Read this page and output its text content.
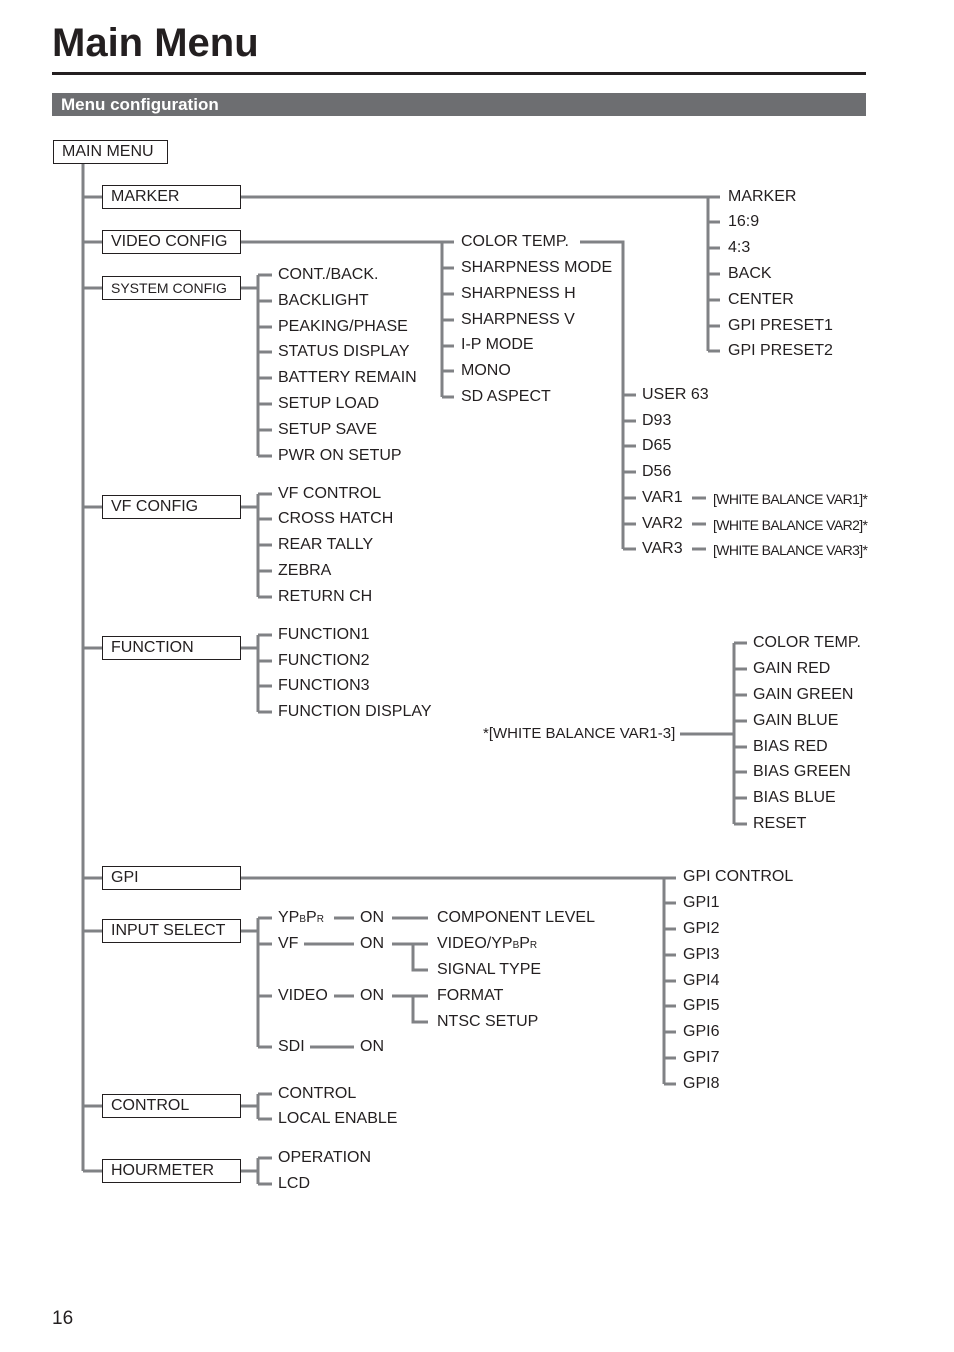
Main Menu
Menu configuration
MAIN MENU
MARKER
VIDEO CONFIG
SYSTEM CONFIG
VF CONFIG
FUNCTION
GPI
INPUT SELECT
CONTROL
HOURMETER
MARKER
16:9
4:3
BACK
CENTER
GPI PRESET1
GPI PRESET2
COLOR TEMP.
SHARPNESS MODE
SHARPNESS H
SHARPNESS V
I-P MODE
MONO
SD ASPECT	USER 63
D93
D65
D56
VAR1
VAR2
VAR3
[WHITE BALANCE VAR1]*
[WHITE BALANCE VAR2]*
[WHITE BALANCE VAR3]*
CONT./BACK.
BACKLIGHT
PEAKING/PHASE
STATUS DISPLAY
BATTERY REMAIN
SETUP LOAD
SETUP SAVE
PWR ON SETUP
VF CONTROL
CROSS HATCH
REAR TALLY
ZEBRA
RETURN CH
FUNCTION1
FUNCTION2
FUNCTION3
FUNCTION DISPLAY
*[WHITE BALANCE VAR1-3]
COLOR TEMP.
GAIN RED
GAIN GREEN
GAIN BLUE
BIAS RED
BIAS GREEN
BIAS BLUE
RESET
GPI CONTROL
GPI1
GPI2
GPI3
GPI4
GPI5
GPI6
GPI7
GPI8
YPBPR
VF
VIDEO
SDI
ON
ON
ON
ON
COMPONENT LEVEL
VIDEO/YPBPR
SIGNAL TYPE
FORMAT
NTSC SETUP
CONTROL
LOCAL ENABLE
OPERATION
LCD
16
